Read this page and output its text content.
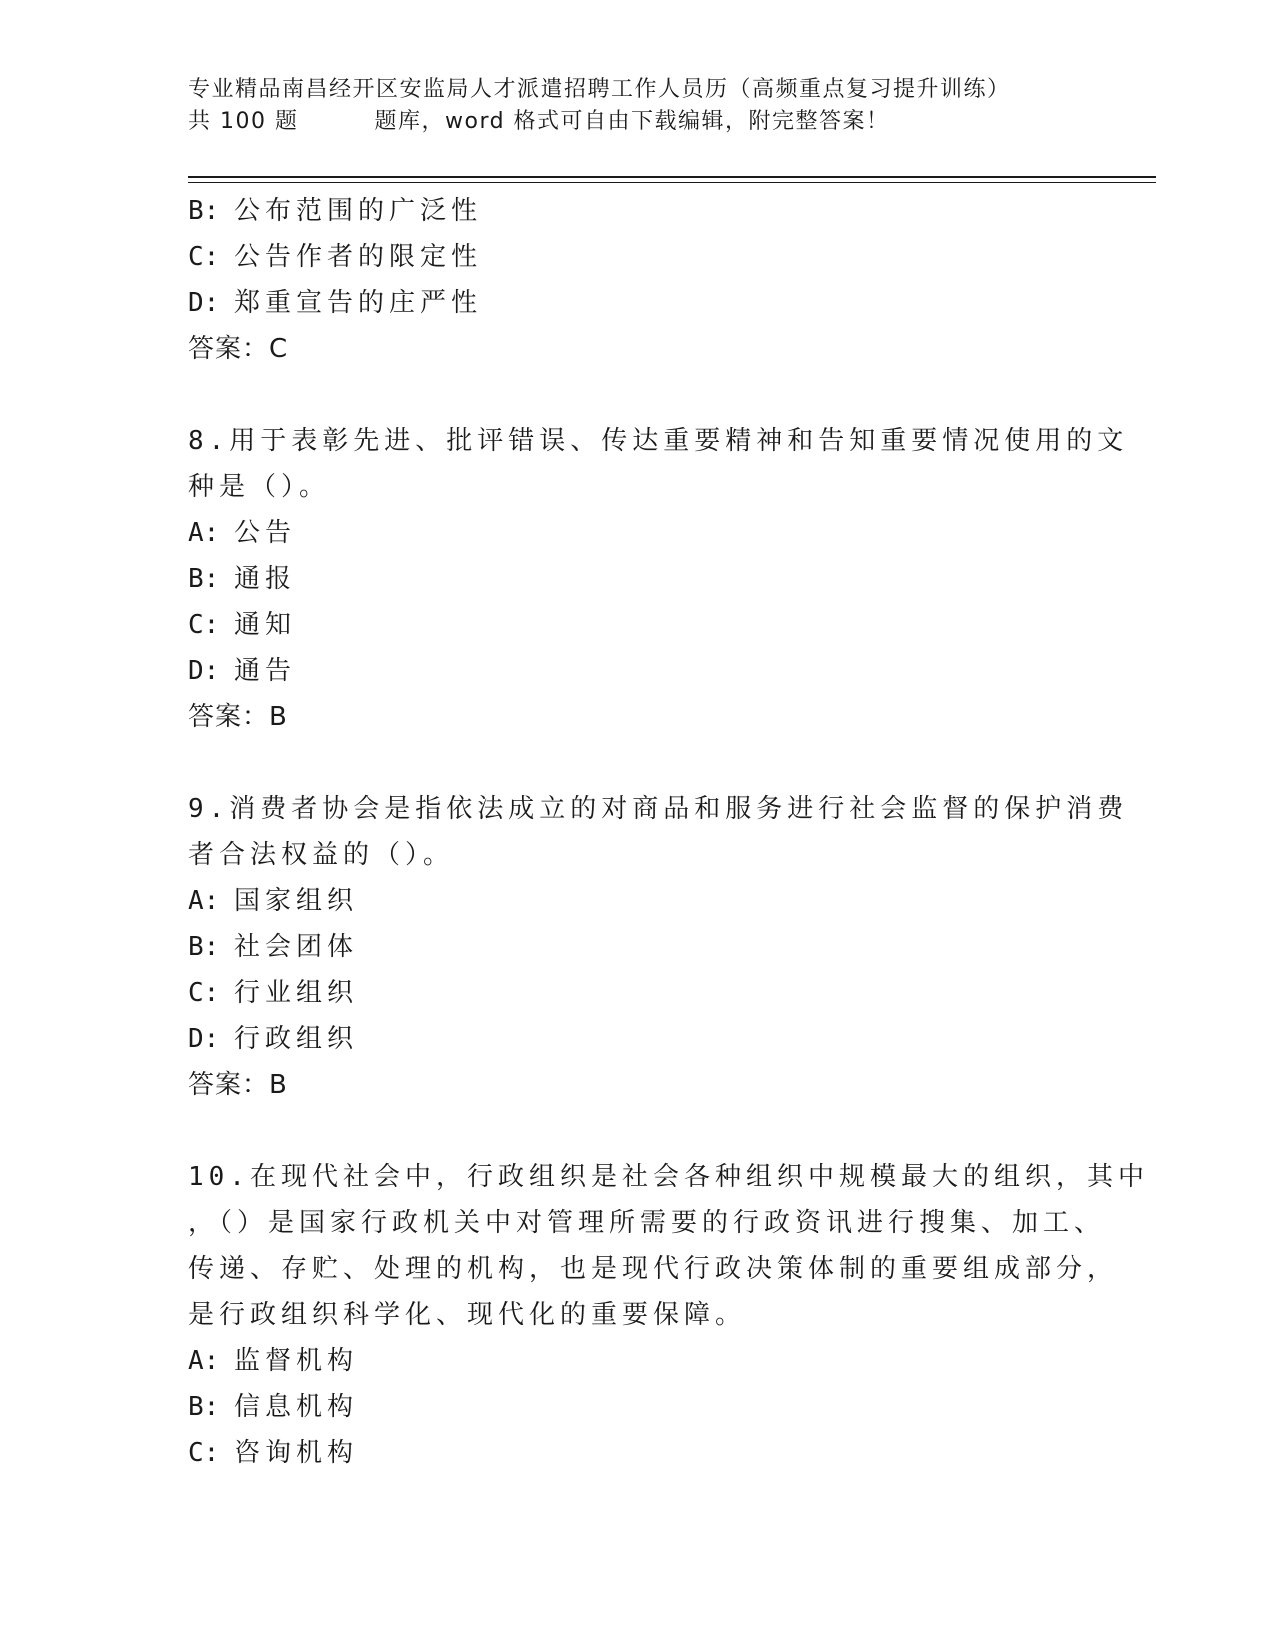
专业精品南昌经开区安监局人才派遣招聘工作人员历（高频重点复习提升训练）
共 100 题	题库，word 格式可自由下载编辑，附完整答案！
B: 公布范围的广泛性
C: 公告作者的限定性
D: 郑重宣告的庄严性
答案：C
8.用于表彰先进、批评错误、传达重要精神和告知重要情况使用的文
种是（）。
A: 公告
B: 通报
C: 通知
D: 通告
答案：B
9.消费者协会是指依法成立的对商品和服务进行社会监督的保护消费
者合法权益的（）。
A: 国家组织
B: 社会团体
C: 行业组织
D: 行政组织
答案：B
10.在现代社会中，行政组织是社会各种组织中规模最大的组织，其中
，（）是国家行政机关中对管理所需要的行政资讯进行搜集、加工、
传递、存贮、处理的机构，也是现代行政决策体制的重要组成部分，
是行政组织科学化、现代化的重要保障。
A: 监督机构
B: 信息机构
C: 咨询机构
